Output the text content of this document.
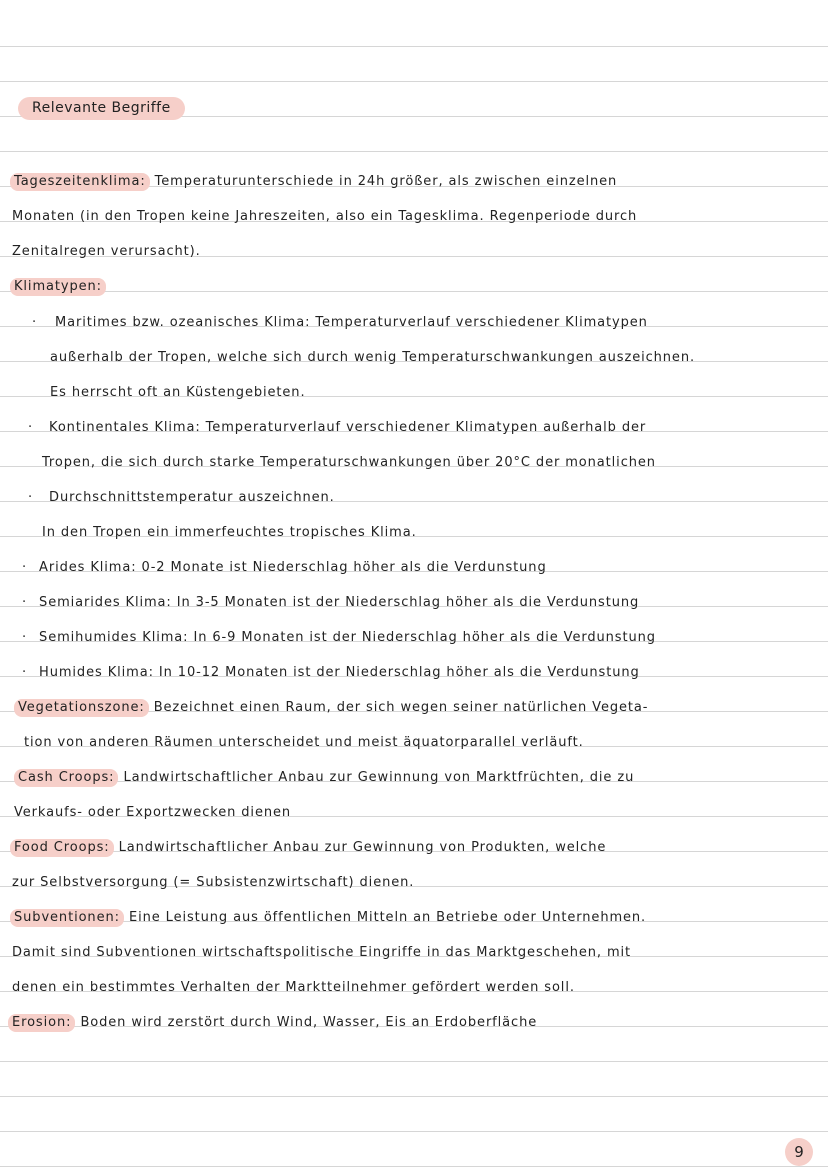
Relevante Begriffe
Tageszeitenklima: Temperaturunterschiede in 24h größer, als zwischen einzelnen
Monaten (in den Tropen keine Jahreszeiten, also ein Tagesklima. Regenperiode durch
Zenitalregen verursacht).
Klimatypen:
· Maritimes bzw. ozeanisches Klima: Temperaturverlauf verschiedener Klimatypen
außerhalb der Tropen, welche sich durch wenig Temperaturschwankungen auszeichnen.
Es herrscht oft an Küstengebieten.
· Kontinentales Klima: Temperaturverlauf verschiedener Klimatypen außerhalb der
Tropen, die sich durch starke Temperaturschwankungen über 20°C der monatlichen
· Durchschnittstemperatur auszeichnen.
In den Tropen ein immerfeuchtes tropisches Klima.
· Arides Klima: 0-2 Monate ist Niederschlag höher als die Verdunstung
· Semiarides Klima: In 3-5 Monaten ist der Niederschlag höher als die Verdunstung
· Semihumides Klima: In 6-9 Monaten ist der Niederschlag höher als die Verdunstung
· Humides Klima: In 10-12 Monaten ist der Niederschlag höher als die Verdunstung
Vegetationszone: Bezeichnet einen Raum, der sich wegen seiner natürlichen Vegeta-
tion von anderen Räumen unterscheidet und meist äquatorparallel verläuft.
Cash Croops: Landwirtschaftlicher Anbau zur Gewinnung von Marktfrüchten, die zu
Verkaufs- oder Exportzwecken dienen
Food Croops: Landwirtschaftlicher Anbau zur Gewinnung von Produkten, welche
zur Selbstversorgung (= Subsistenzwirtschaft) dienen.
Subventionen: Eine Leistung aus öffentlichen Mitteln an Betriebe oder Unternehmen.
Damit sind Subventionen wirtschaftspolitische Eingriffe in das Marktgeschehen, mit
denen ein bestimmtes Verhalten der Marktteilnehmer gefördert werden soll.
Erosion: Boden wird zerstört durch Wind, Wasser, Eis an Erdoberfläche
9
